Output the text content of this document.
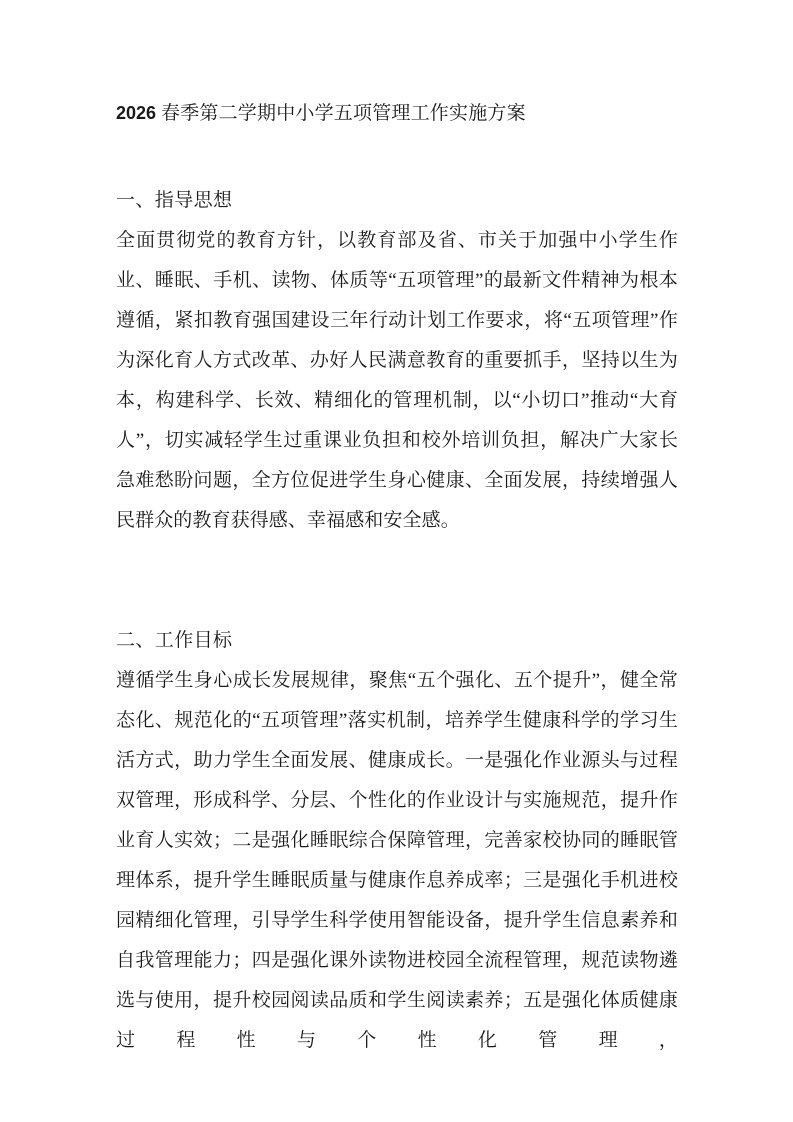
2026 春季第二学期中小学五项管理工作实施方案
一、指导思想

全面贯彻党的教育方针，以教育部及省、市关于加强中小学生作业、睡眠、手机、读物、体质等“五项管理”的最新文件精神为根本遵循，紧扣教育强国建设三年行动计划工作要求，将“五项管理”作为深化育人方式改革、办好人民满意教育的重要抓手，坚持以生为本，构建科学、长效、精细化的管理机制，以“小切口”推动“大育人”，切实减轻学生过重课业负担和校外培训负担，解决广大家长急难愁盼问题，全方位促进学生身心健康、全面发展，持续增强人民群众的教育获得感、幸福感和安全感。

二、工作目标

遵循学生身心成长发展规律，聚焦“五个强化、五个提升”，健全常态化、规范化的“五项管理”落实机制，培养学生健康科学的学习生活方式，助力学生全面发展、健康成长。一是强化作业源头与过程双管理，形成科学、分层、个性化的作业设计与实施规范，提升作业育人实效；二是强化睡眠综合保障管理，完善家校协同的睡眠管理体系，提升学生睡眠质量与健康作息养成率；三是强化手机进校园精细化管理，引导学生科学使用智能设备，提升学生信息素养和自我管理能力；四是强化课外读物进校园全流程管理，规范读物遴选与使用，提升校园阅读品质和学生阅读素养；五是强化体质健康过程性与个性化管理，
